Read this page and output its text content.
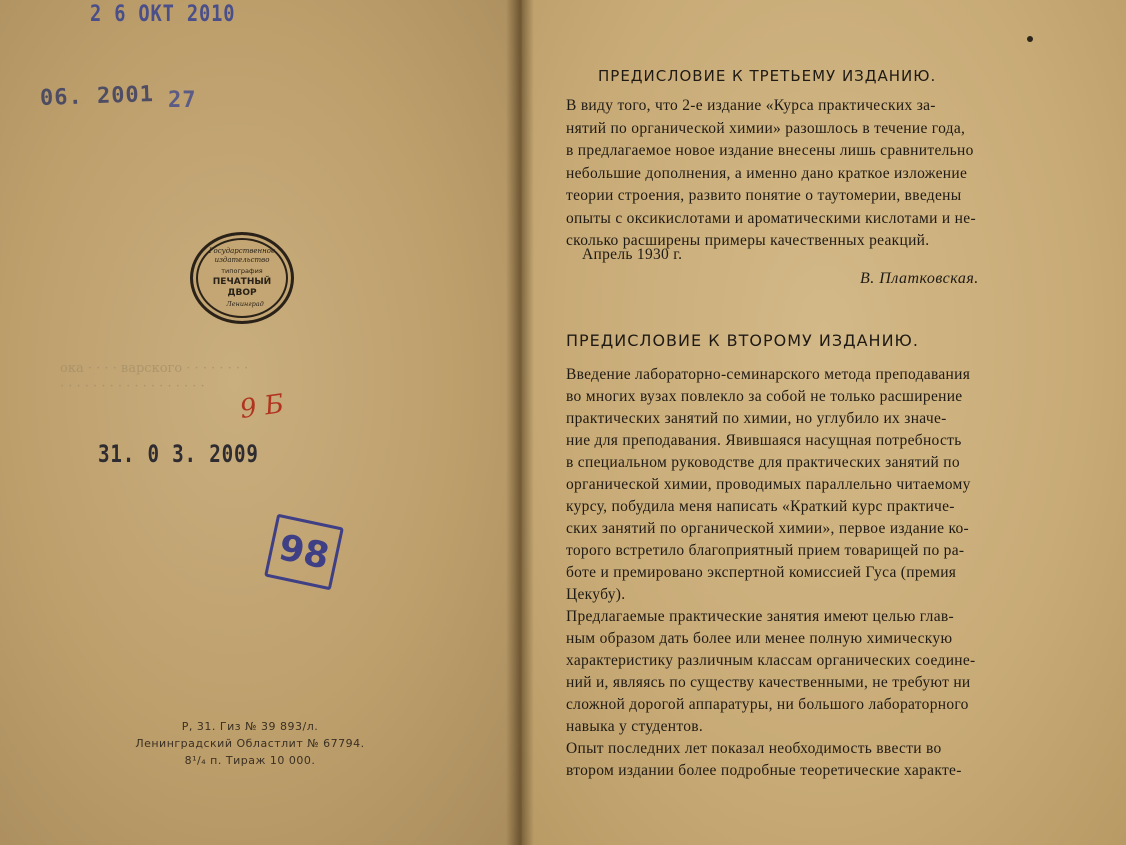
2 6 ОКТ 2010
06. 2001 27
Государственное
издательство
типография
ПЕЧАТНЫЙ
ДВОР
Ленинград
ока · · · · варского · · · · · · · ·
· · · · · · · · · · · · · · · · · ·
9 Б
31. 0 3. 2009
98
Р, 31. Гиз № 39 893/л.
Ленинградский Областлит № 67794.
8¹/₄ п. Тираж 10 000.
ПРЕДИСЛОВИЕ К ТРЕТЬЕМУ ИЗДАНИЮ.
В виду того, что 2-е издание «Курса практических за-
нятий по органической химии» разошлось в течение года,
в предлагаемое новое издание внесены лишь сравнительно
небольшие дополнения, а именно дано краткое изложение
теории строения, развито понятие о таутомерии, введены
опыты с оксикислотами и ароматическими кислотами и не-
сколько расширены примеры качественных реакций.
Апрель 1930 г.
В. Платковская.
ПРЕДИСЛОВИЕ К ВТОРОМУ ИЗДАНИЮ.
Введение лабораторно-семинарского метода преподавания
во многих вузах повлекло за собой не только расширение
практических занятий по химии, но углубило их значе-
ние для преподавания. Явившаяся насущная потребность
в специальном руководстве для практических занятий по
органической химии, проводимых параллельно читаемому
курсу, побудила меня написать «Краткий курс практиче-
ских занятий по органической химии», первое издание ко-
торого встретило благоприятный прием товарищей по ра-
боте и премировано экспертной комиссией Гуса (премия
Цекубу).
Предлагаемые практические занятия имеют целью глав-
ным образом дать более или менее полную химическую
характеристику различным классам органических соедине-
ний и, являясь по существу качественными, не требуют ни
сложной дорогой аппаратуры, ни большого лабораторного
навыка у студентов.
Опыт последних лет показал необходимость ввести во
втором издании более подробные теоретические характе-
